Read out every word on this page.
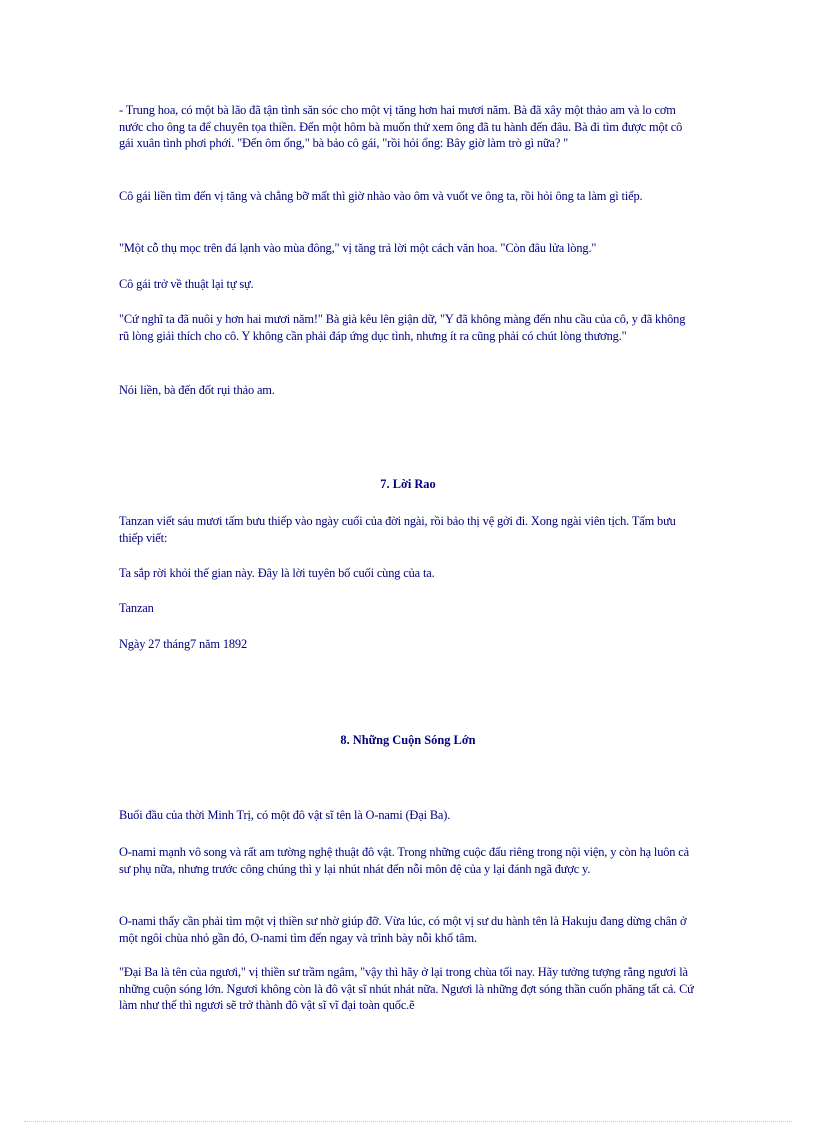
- Trung hoa, có một bà lão đã tận tình săn sóc cho một vị tăng hơn hai mươi năm. Bà đã xây một thảo am và lo cơm nước cho ông ta để chuyên tọa thiền. Đến một hôm bà muốn thử xem ông đã tu hành đến đâu. Bà đi tìm được một cô gái xuân tình phơi phới. "Đến ôm ổng," bà bảo cô gái, "rồi hỏi ổng: Bây giờ làm trò gì nữa? "

Cô gái liền tìm đến vị tăng và chẳng bỡ mất thì giờ nhào vào ôm và vuốt ve ông ta, rồi hỏi ông ta làm gì tiếp.

"Một cỗ thụ mọc trên đá lạnh vào mùa đông," vị tăng trả lời một cách văn hoa. "Còn đâu lửa lòng."

Cô gái trở về thuật lại tự sự.

"Cứ nghĩ ta đã nuôi y hơn hai mươi năm!" Bà già kêu lên giận dữ, "Y đã không màng đến nhu cầu của cô, y đã không rũ lòng giải thích cho cô. Y không cần phải đáp ứng dục tình, nhưng ít ra cũng phải có chút lòng thương."

Nói liền, bà đến đốt rụi thảo am.

7. Lời Rao

Tanzan viết sáu mươi tấm bưu thiếp vào ngày cuối của đời ngài, rồi bảo thị vệ gởi đi. Xong ngài viên tịch. Tấm bưu thiếp viết:

Ta sắp rời khỏi thế gian này. Đây là lời tuyên bố cuối cùng của ta.

Tanzan

Ngày 27 tháng7 năm 1892

8. Những Cuộn Sóng Lớn

Buổi đầu của thời Minh Trị, có một đô vật sĩ tên là O-nami (Đại Ba).

O-nami mạnh vô song và rất am tường nghệ thuật đô vật. Trong những cuộc đấu riêng trong nội viện, y còn hạ luôn cả sư phụ nữa, nhưng trước công chúng thì y lại nhút nhát đến nỗi môn đệ của y lại đánh ngã được y.

O-nami thấy cần phải tìm một vị thiền sư nhờ giúp đỡ. Vừa lúc, có một vị sư du hành tên là Hakuju đang dừng chân ở một ngôi chùa nhỏ gần đó, O-nami tìm đến ngay và trình bày nỗi khổ tâm.

"Đại Ba là tên của ngươi," vị thiền sư trầm ngâm, "vậy thì hãy ở lại trong chùa tối nay. Hãy tưởng tượng rằng ngươi là những cuộn sóng lớn. Ngươi không còn là đô vật sĩ nhút nhát nữa. Ngươi là những đợt sóng thần cuốn phăng tất cả. Cứ làm như thế thì ngươi sẽ trở thành đô vật sĩ vĩ đại toàn quốc.ẽ
